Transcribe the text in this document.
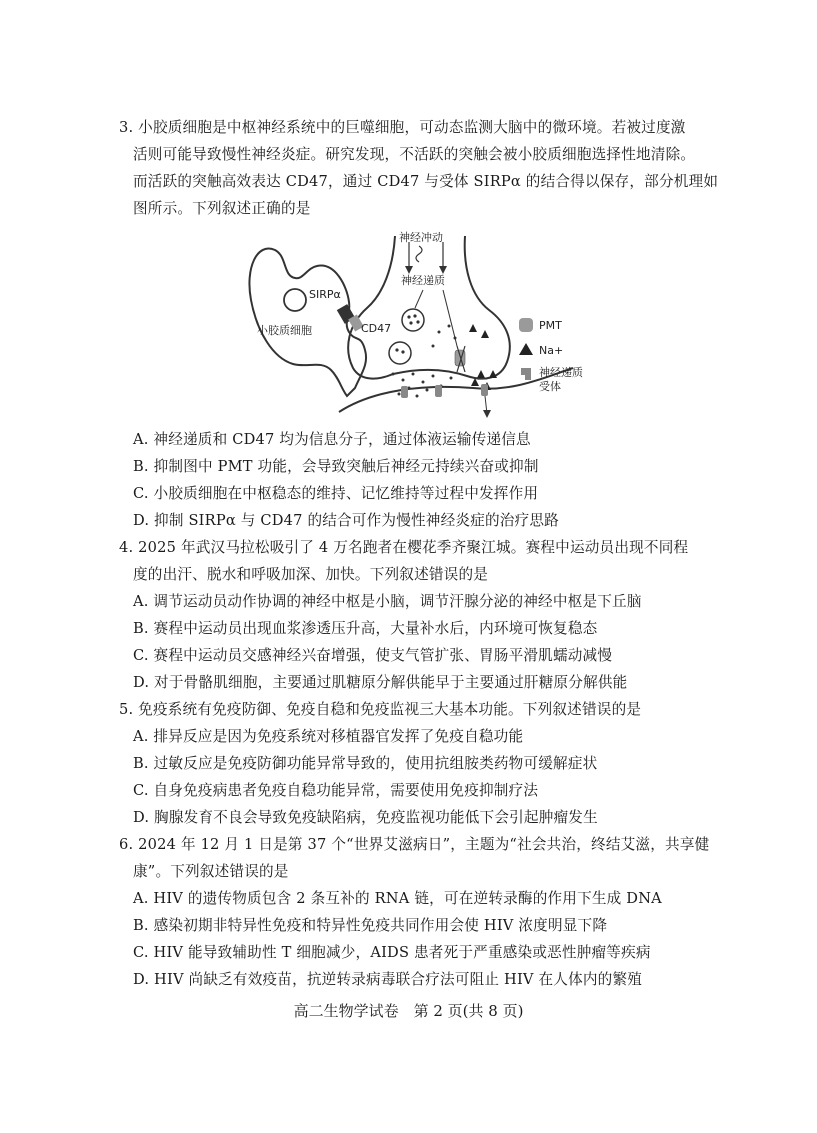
3. 小胶质细胞是中枢神经系统中的巨噬细胞，可动态监测大脑中的微环境。若被过度激
活则可能导致慢性神经炎症。研究发现，不活跃的突触会被小胶质细胞选择性地清除。
而活跃的突触高效表达 CD47，通过 CD47 与受体 SIRPα 的结合得以保存，部分机理如
图所示。下列叙述正确的是
神经冲动
神经递质
SIRPα
CD47
小胶质细胞	PMT
Na+
神经递质
受体
A. 神经递质和 CD47 均为信息分子，通过体液运输传递信息
B. 抑制图中 PMT 功能，会导致突触后神经元持续兴奋或抑制
C. 小胶质细胞在中枢稳态的维持、记忆维持等过程中发挥作用
D. 抑制 SIRPα 与 CD47 的结合可作为慢性神经炎症的治疗思路
4. 2025 年武汉马拉松吸引了 4 万名跑者在樱花季齐聚江城。赛程中运动员出现不同程
度的出汗、脱水和呼吸加深、加快。下列叙述错误的是
A. 调节运动员动作协调的神经中枢是小脑，调节汗腺分泌的神经中枢是下丘脑
B. 赛程中运动员出现血浆渗透压升高，大量补水后，内环境可恢复稳态
C. 赛程中运动员交感神经兴奋增强，使支气管扩张、胃肠平滑肌蠕动减慢
D. 对于骨骼肌细胞，主要通过肌糖原分解供能早于主要通过肝糖原分解供能
5. 免疫系统有免疫防御、免疫自稳和免疫监视三大基本功能。下列叙述错误的是
A. 排异反应是因为免疫系统对移植器官发挥了免疫自稳功能
B. 过敏反应是免疫防御功能异常导致的，使用抗组胺类药物可缓解症状
C. 自身免疫病患者免疫自稳功能异常，需要使用免疫抑制疗法
D. 胸腺发育不良会导致免疫缺陷病，免疫监视功能低下会引起肿瘤发生
6. 2024 年 12 月 1 日是第 37 个“世界艾滋病日”，主题为“社会共治，终结艾滋，共享健
康”。下列叙述错误的是
A. HIV 的遗传物质包含 2 条互补的 RNA 链，可在逆转录酶的作用下生成 DNA
B. 感染初期非特异性免疫和特异性免疫共同作用会使 HIV 浓度明显下降
C. HIV 能导致辅助性 T 细胞减少，AIDS 患者死于严重感染或恶性肿瘤等疾病
D. HIV 尚缺乏有效疫苗，抗逆转录病毒联合疗法可阻止 HIV 在人体内的繁殖
高二生物学试卷　第 2 页(共 8 页)
